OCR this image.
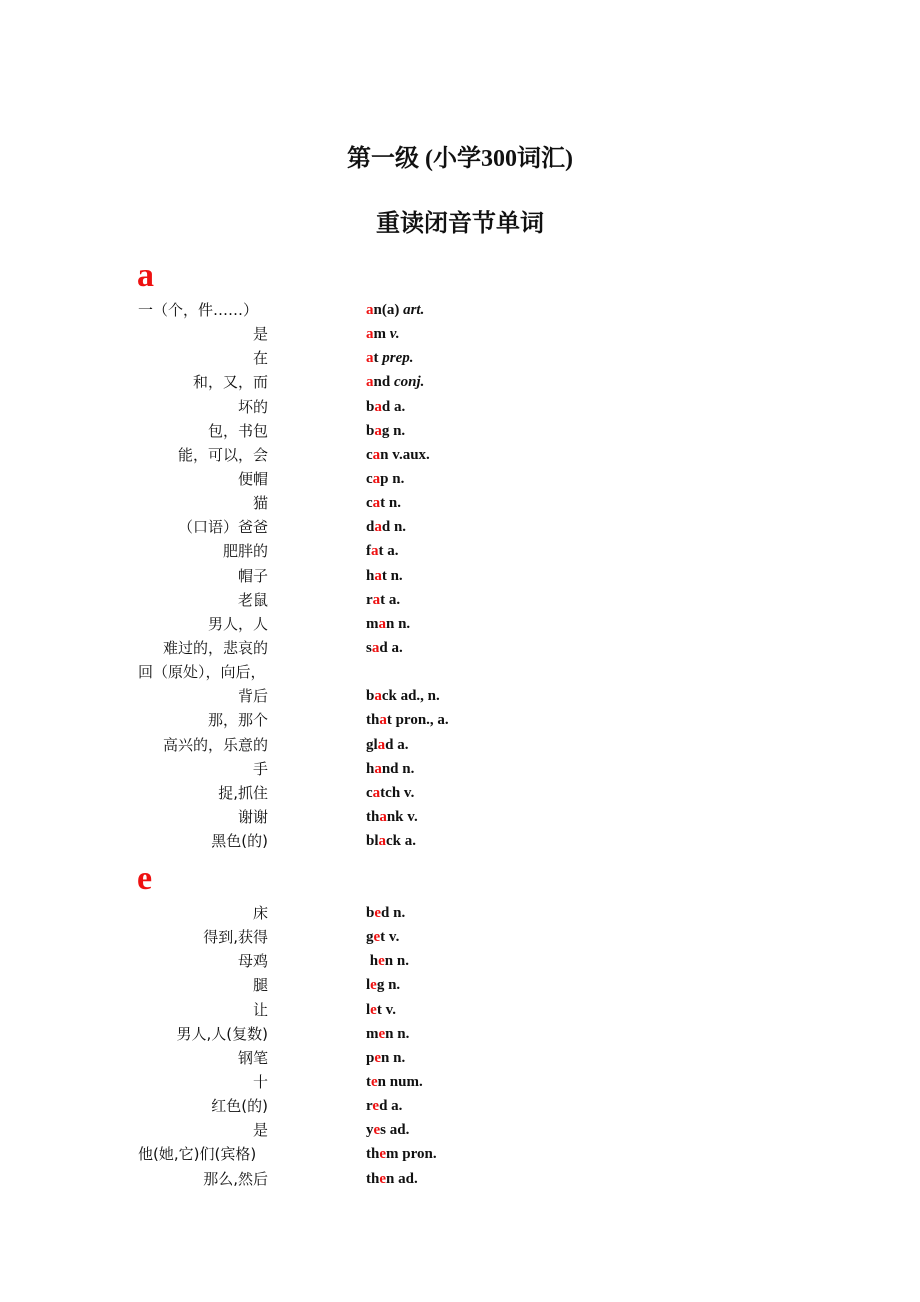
第一级 (小学300词汇)
重读闭音节单词
a
一（个，件……）	an(a) art.
是	am v.
在	at prep.
和，又，而	and conj.
坏的	bad a.
包，书包	bag n.
能，可以，会	can v.aux.
便帽	cap n.
猫	cat n.
（口语）爸爸	dad n.
肥胖的	fat a.
帽子	hat n.
老鼠	rat a.
男人，人	man n.
难过的，悲哀的	sad a.
回（原处），向后，
背后	back ad., n.
那，那个	that pron., a.
高兴的，乐意的	glad a.
手	hand n.
捉,抓住	catch v.
谢谢	thank v.
黑色(的)	black a.
e
床	bed n.
得到,获得	get v.
母鸡	hen n.
腿	leg n.
让	let v.
男人,人(复数)	men n.
钢笔	pen n.
十	ten num.
红色(的)	red a.
是	yes ad.
他(她,它)们(宾格)	them pron.
那么,然后	then ad.
